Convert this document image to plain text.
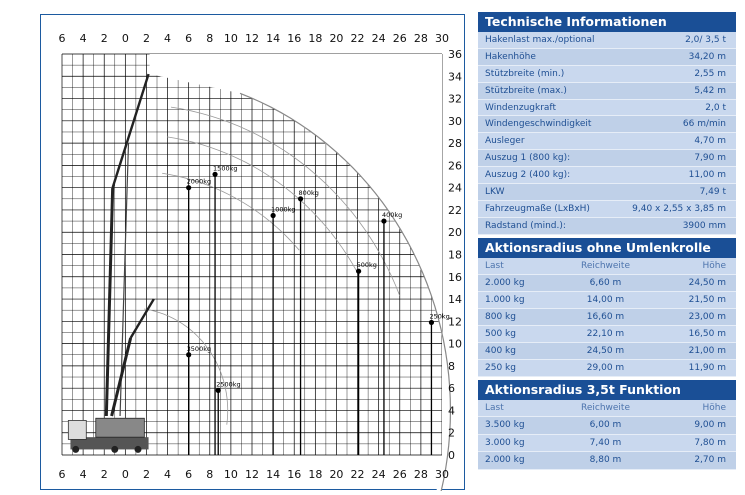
2000kg
1500kg
1000kg
800kg
500kg
400kg
250kg
3500kg
2500kg
6
6
4
4
2
2
0
0
2
2
4
4
6
6
8
8
10
10
12
12
14
14
16
16
18
18
20
20
22
22
24
24
26
26
28
28
30
30
0
2
4
6
8
10
12
14
16
18
20
22
24
26
28
30
32
34
36
Technische Informationen
Hakenlast max./optional	2,0/ 3,5 t
Hakenhöhe	34,20 m
Stützbreite (min.)	2,55 m
Stützbreite (max.)	5,42 m
Windenzugkraft	2,0 t
Windengeschwindigkeit	66 m/min
Ausleger	4,70 m
Auszug 1 (800 kg):	7,90 m
Auszug 2 (400 kg):	11,00 m
LKW	7,49 t
Fahrzeugmaße (LxBxH)	9,40 x 2,55 x 3,85 m
Radstand (mind.):	3900 mm
Aktionsradius ohne Umlenkrolle
Last	Reichweite	Höhe
2.000 kg	6,60 m	24,50 m
1.000 kg	14,00 m	21,50 m
800 kg	16,60 m	23,00 m
500 kg	22,10 m	16,50 m
400 kg	24,50 m	21,00 m
250 kg	29,00 m	11,90 m
Aktionsradius 3,5t Funktion
Last	Reichweite	Höhe
3.500 kg	6,00 m	9,00 m
3.000 kg	7,40 m	7,80 m
2.000 kg	8,80 m	2,70 m
